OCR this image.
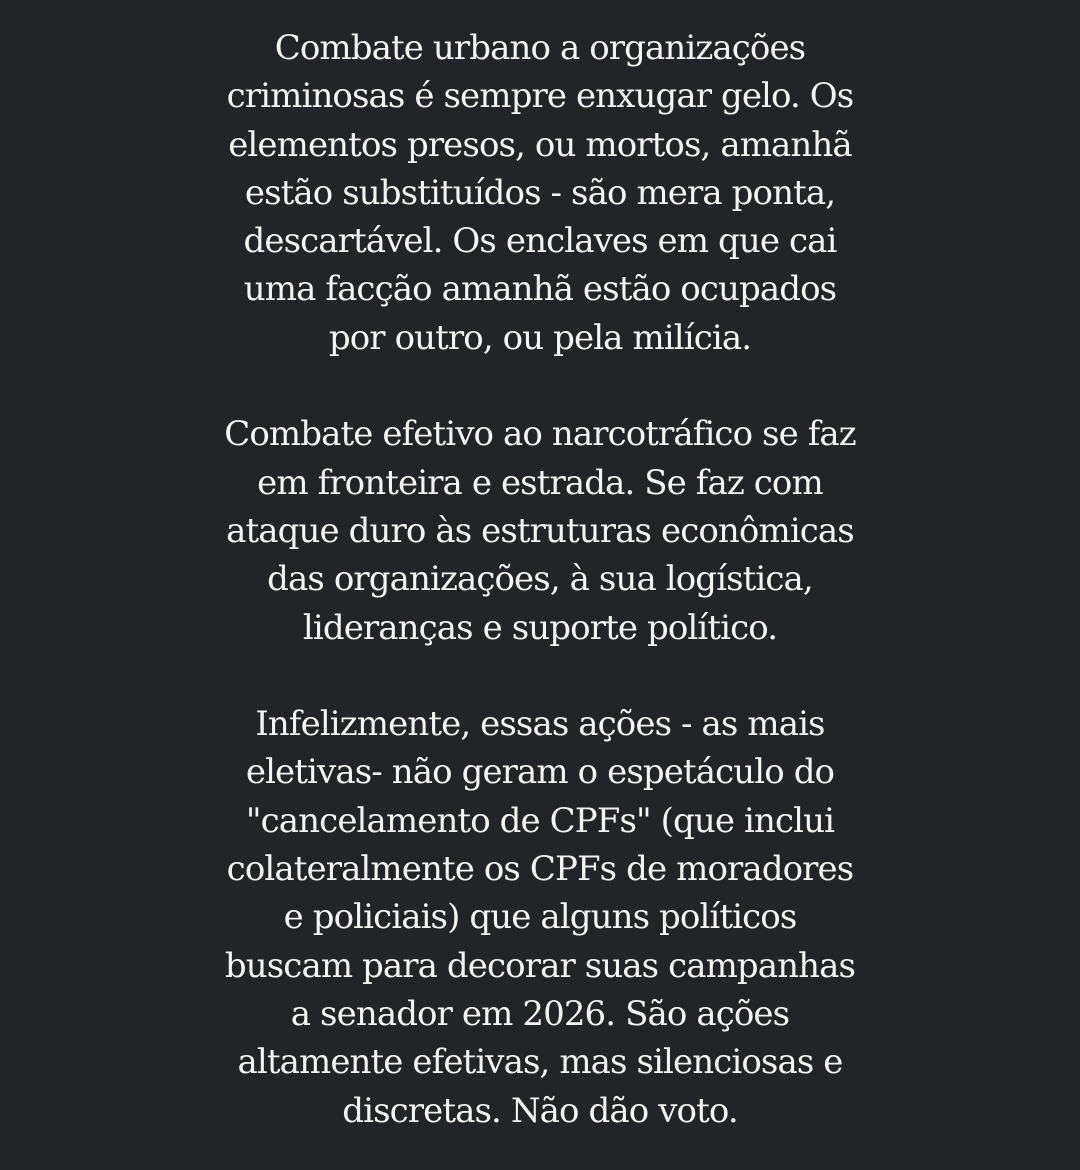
Combate urbano a organizações
criminosas é sempre enxugar gelo. Os
elementos presos, ou mortos, amanhã
estão substituídos - são mera ponta,
descartável. Os enclaves em que cai
uma facção amanhã estão ocupados
por outro, ou pela milícia.

Combate efetivo ao narcotráfico se faz
em fronteira e estrada. Se faz com
ataque duro às estruturas econômicas
das organizações, à sua logística,
lideranças e suporte político.

Infelizmente, essas ações - as mais
eletivas- não geram o espetáculo do
"cancelamento de CPFs" (que inclui
colateralmente os CPFs de moradores
e policiais) que alguns políticos
buscam para decorar suas campanhas
a senador em 2026. São ações
altamente efetivas, mas silenciosas e
discretas. Não dão voto.
